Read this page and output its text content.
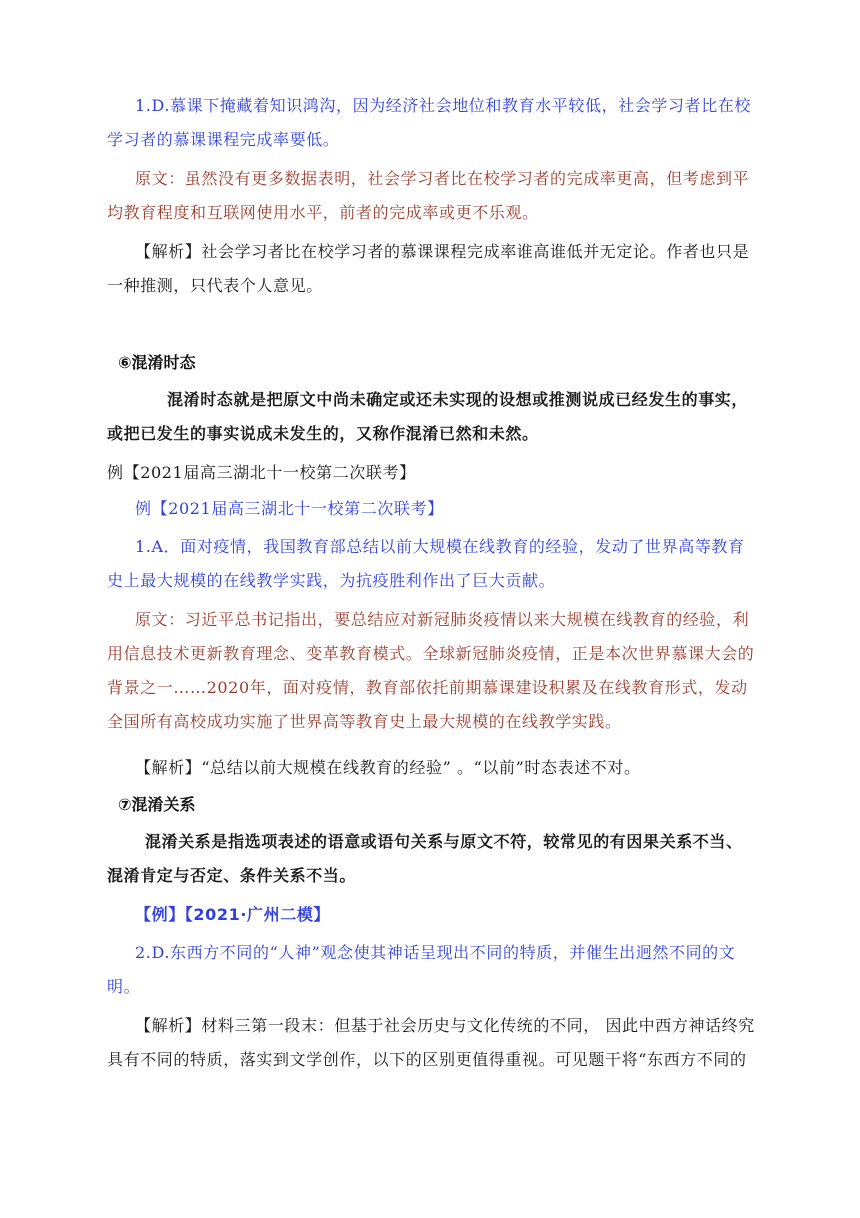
1.D.慕课下掩藏着知识鸿沟，因为经济社会地位和教育水平较低，社会学习者比在校学习者的慕课课程完成率要低。

原文：虽然没有更多数据表明，社会学习者比在校学习者的完成率更高，但考虑到平均教育程度和互联网使用水平，前者的完成率或更不乐观。

【解析】社会学习者比在校学习者的慕课课程完成率谁高谁低并无定论。作者也只是一种推测，只代表个人意见。

⑥混淆时态

混淆时态就是把原文中尚未确定或还未实现的设想或推测说成已经发生的事实，或把已发生的事实说成未发生的，又称作混淆已然和未然。

例【2021届高三湖北十一校第二次联考】

例【2021届高三湖北十一校第二次联考】

1.A．面对疫情，我国教育部总结以前大规模在线教育的经验，发动了世界高等教育史上最大规模的在线教学实践，为抗疫胜利作出了巨大贡献。

原文：习近平总书记指出，要总结应对新冠肺炎疫情以来大规模在线教育的经验，利用信息技术更新教育理念、变革教育模式。全球新冠肺炎疫情，正是本次世界慕课大会的背景之一……2020年，面对疫情，教育部依托前期慕课建设积累及在线教育形式，发动全国所有高校成功实施了世界高等教育史上最大规模的在线教学实践。

【解析】“总结以前大规模在线教育的经验” 。“以前”时态表述不对。

⑦混淆关系

混淆关系是指选项表述的语意或语句关系与原文不符，较常见的有因果关系不当、混淆肯定与否定、条件关系不当。

【例】【2021·广州二模】

2.D.东西方不同的“人神”观念使其神话呈现出不同的特质，并催生出迥然不同的文明。

【解析】材料三第一段末：但基于社会历史与文化传统的不同， 因此中西方神话终究具有不同的特质，落实到文学创作，以下的区别更值得重视。可见题干将“东西方不同的
